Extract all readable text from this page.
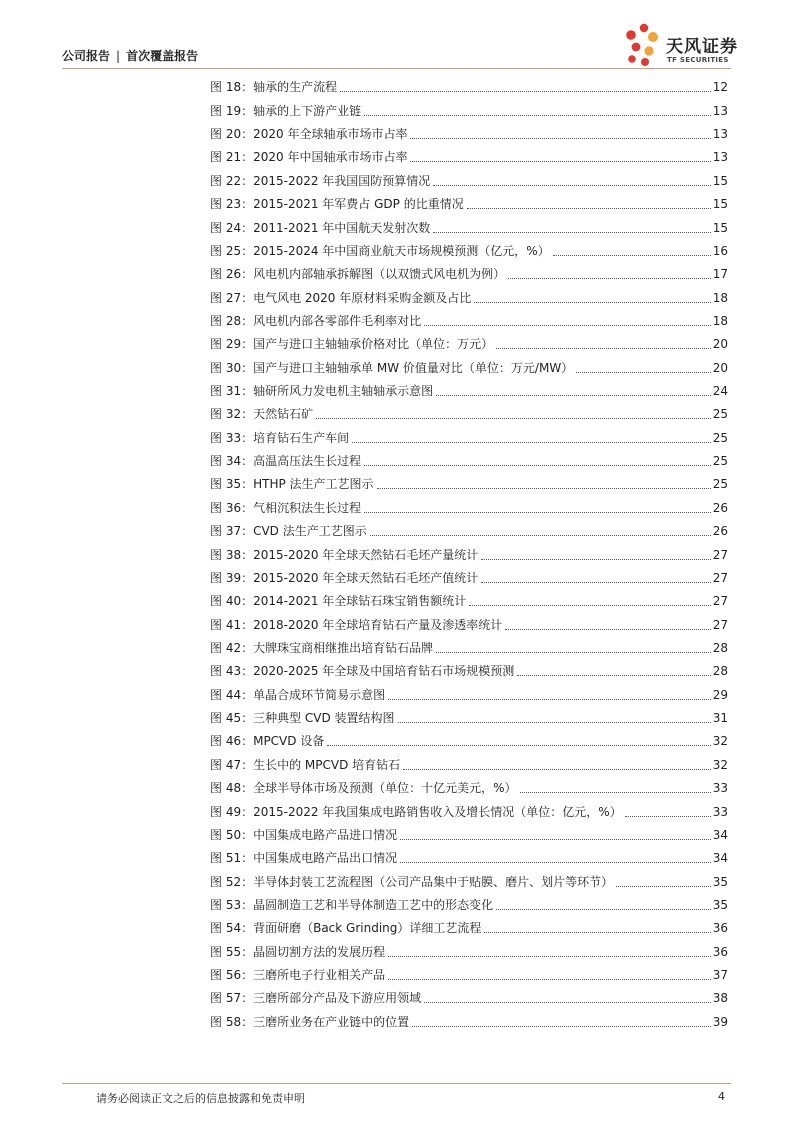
公司报告 | 首次覆盖报告	天风证券
TF SECURITIES
图 18：轴承的生产流程	12
图 19：轴承的上下游产业链	13
图 20：2020 年全球轴承市场市占率	13
图 21：2020 年中国轴承市场市占率	13
图 22：2015-2022 年我国国防预算情况	15
图 23：2015-2021 年军费占 GDP 的比重情况	15
图 24：2011-2021 年中国航天发射次数	15
图 25：2015-2024 年中国商业航天市场规模预测（亿元，%）	16
图 26：风电机内部轴承拆解图（以双馈式风电机为例）	17
图 27：电气风电 2020 年原材料采购金额及占比	18
图 28：风电机内部各零部件毛利率对比	18
图 29：国产与进口主轴轴承价格对比（单位：万元）	20
图 30：国产与进口主轴轴承单 MW 价值量对比（单位：万元/MW）	20
图 31：轴研所风力发电机主轴轴承示意图	24
图 32：天然钻石矿	25
图 33：培育钻石生产车间	25
图 34：高温高压法生长过程	25
图 35：HTHP 法生产工艺图示	25
图 36：气相沉积法生长过程	26
图 37：CVD 法生产工艺图示	26
图 38：2015-2020 年全球天然钻石毛坯产量统计	27
图 39：2015-2020 年全球天然钻石毛坯产值统计	27
图 40：2014-2021 年全球钻石珠宝销售额统计	27
图 41：2018-2020 年全球培育钻石产量及渗透率统计	27
图 42：大牌珠宝商相继推出培育钻石品牌	28
图 43：2020-2025 年全球及中国培育钻石市场规模预测	28
图 44：单晶合成环节简易示意图	29
图 45：三种典型 CVD 装置结构图	31
图 46：MPCVD 设备	32
图 47：生长中的 MPCVD 培育钻石	32
图 48：全球半导体市场及预测（单位：十亿元美元，%）	33
图 49：2015-2022 年我国集成电路销售收入及增长情况（单位：亿元，%）	33
图 50：中国集成电路产品进口情况	34
图 51：中国集成电路产品出口情况	34
图 52：半导体封装工艺流程图（公司产品集中于贴膜、磨片、划片等环节）	35
图 53：晶圆制造工艺和半导体制造工艺中的形态变化	35
图 54：背面研磨（Back Grinding）详细工艺流程	36
图 55：晶圆切割方法的发展历程	36
图 56：三磨所电子行业相关产品	37
图 57：三磨所部分产品及下游应用领域	38
图 58：三磨所业务在产业链中的位置	39
请务必阅读正文之后的信息披露和免责申明	4
